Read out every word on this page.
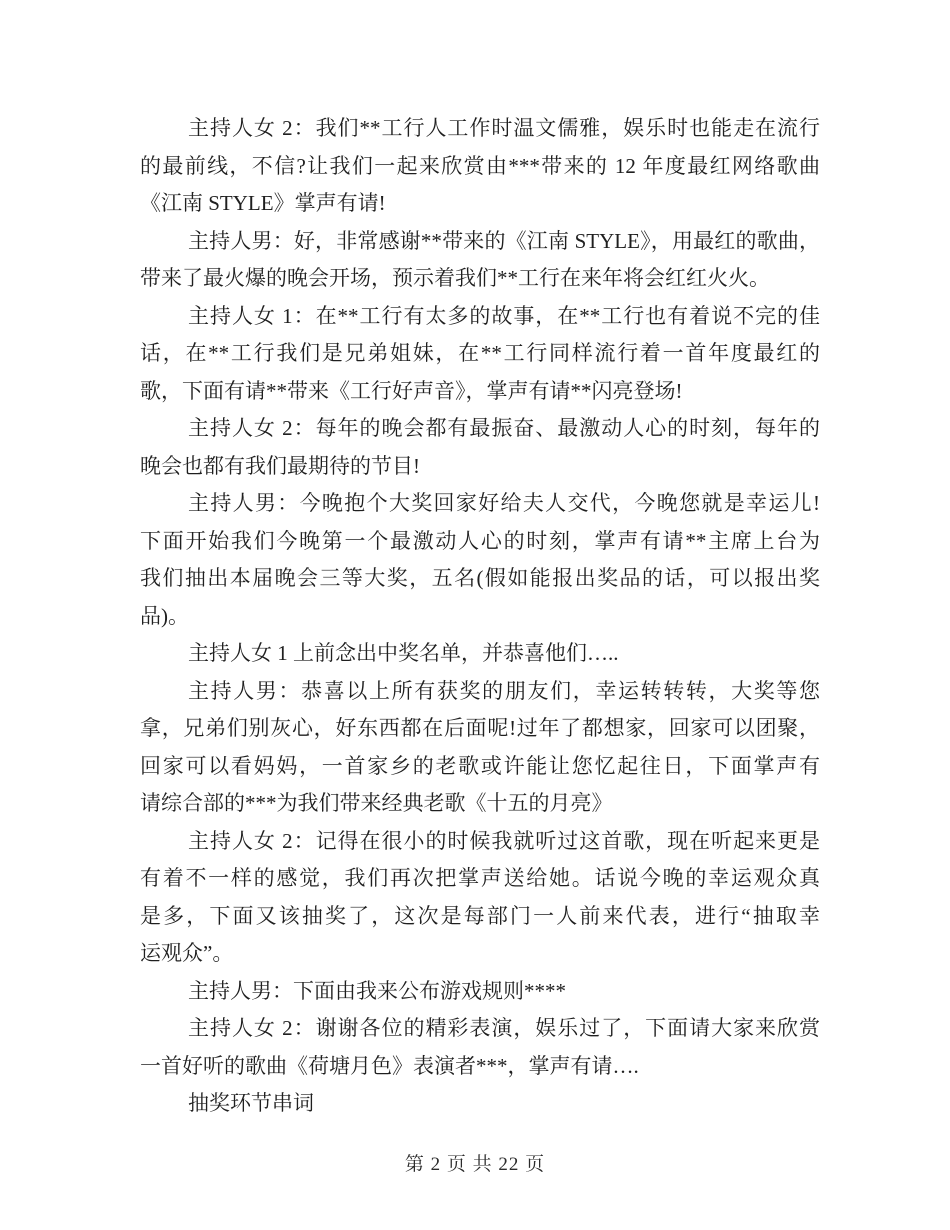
主持人女 2：我们**工行人工作时温文儒雅，娱乐时也能走在流行
的最前线，不信?让我们一起来欣赏由***带来的 12 年度最红网络歌曲
《江南 STYLE》掌声有请!
主持人男：好，非常感谢**带来的《江南 STYLE》，用最红的歌曲，
带来了最火爆的晚会开场，预示着我们**工行在来年将会红红火火。
主持人女 1：在**工行有太多的故事，在**工行也有着说不完的佳
话，在**工行我们是兄弟姐妹，在**工行同样流行着一首年度最红的
歌，下面有请**带来《工行好声音》，掌声有请**闪亮登场!
主持人女 2：每年的晚会都有最振奋、最激动人心的时刻，每年的
晚会也都有我们最期待的节目!
主持人男：今晚抱个大奖回家好给夫人交代，今晚您就是幸运儿!
下面开始我们今晚第一个最激动人心的时刻，掌声有请**主席上台为
我们抽出本届晚会三等大奖，五名(假如能报出奖品的话，可以报出奖
品)。
主持人女 1 上前念出中奖名单，并恭喜他们…..
主持人男：恭喜以上所有获奖的朋友们，幸运转转转，大奖等您
拿，兄弟们别灰心，好东西都在后面呢!过年了都想家，回家可以团聚，
回家可以看妈妈，一首家乡的老歌或许能让您忆起往日，下面掌声有
请综合部的***为我们带来经典老歌《十五的月亮》
主持人女 2：记得在很小的时候我就听过这首歌，现在听起来更是
有着不一样的感觉，我们再次把掌声送给她。话说今晚的幸运观众真
是多，下面又该抽奖了，这次是每部门一人前来代表，进行“抽取幸
运观众”。
主持人男：下面由我来公布游戏规则****
主持人女 2：谢谢各位的精彩表演，娱乐过了，下面请大家来欣赏
一首好听的歌曲《荷塘月色》表演者***，掌声有请….
抽奖环节串词
第 2 页 共 22 页
